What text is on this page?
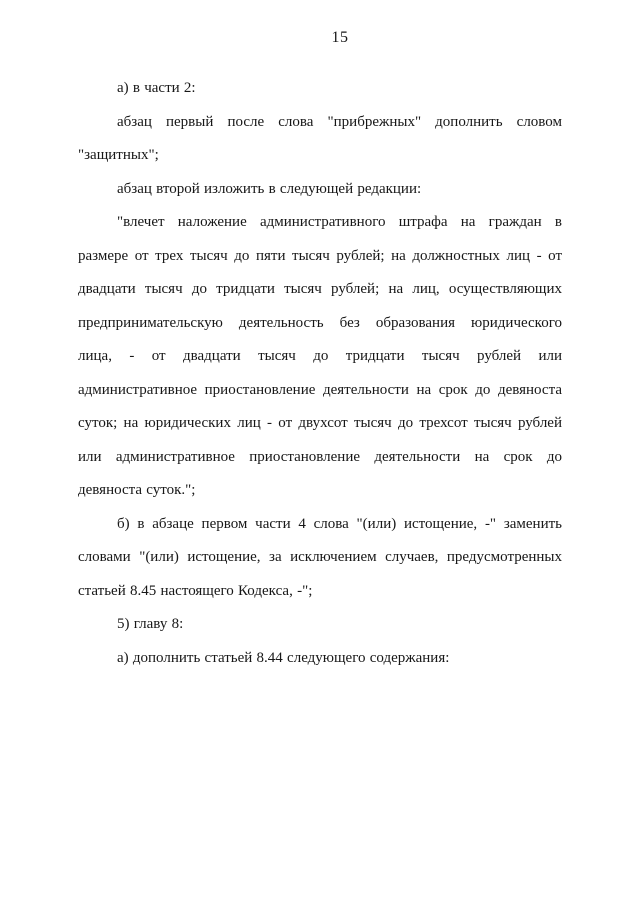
15
а) в части 2:
абзац первый после слова "прибрежных" дополнить словом
"защитных";
абзац второй изложить в следующей редакции:
"влечет наложение административного штрафа на граждан в
размере от трех тысяч до пяти тысяч рублей; на должностных лиц - от
двадцати тысяч до тридцати тысяч рублей; на лиц, осуществляющих
предпринимательскую деятельность без образования юридического
лица, - от двадцати тысяч до тридцати тысяч рублей или
административное приостановление деятельности на срок до девяноста
суток; на юридических лиц - от двухсот тысяч до трехсот тысяч рублей
или административное приостановление деятельности на срок до
девяноста суток.";
б) в абзаце первом части 4 слова "(или) истощение, -" заменить
словами "(или) истощение, за исключением случаев, предусмотренных
статьей 8.45 настоящего Кодекса, -";
5) главу 8:
а) дополнить статьей 8.44 следующего содержания:
